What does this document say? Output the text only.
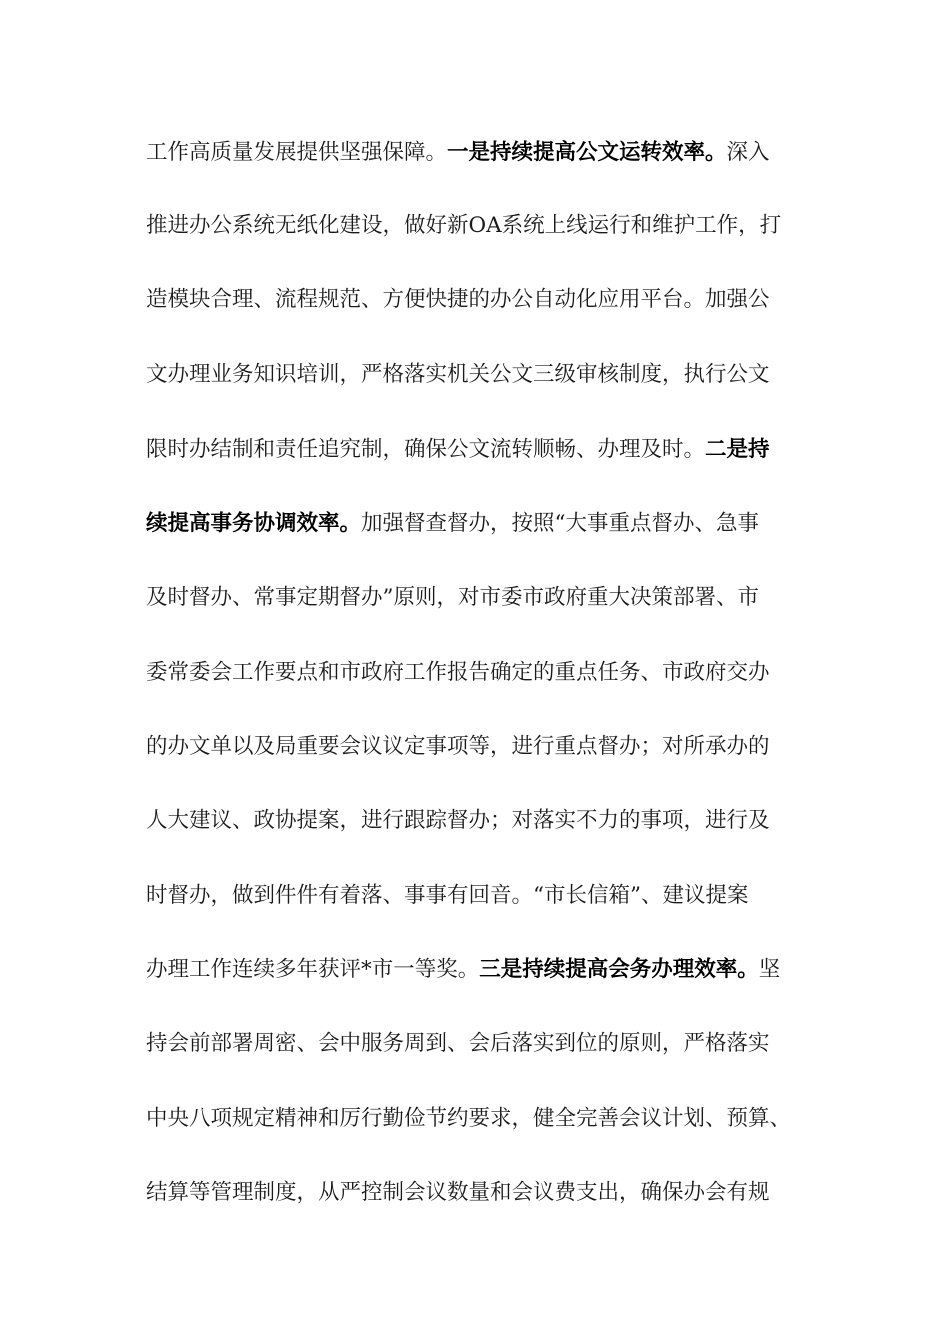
工作高质量发展提供坚强保障。一是持续提高公文运转效率。深入

推进办公系统无纸化建设，做好新OA系统上线运行和维护工作，打

造模块合理、流程规范、方便快捷的办公自动化应用平台。加强公

文办理业务知识培训，严格落实机关公文三级审核制度，执行公文

限时办结制和责任追究制，确保公文流转顺畅、办理及时。二是持

续提高事务协调效率。加强督查督办，按照“大事重点督办、急事

及时督办、常事定期督办”原则，对市委市政府重大决策部署、市

委常委会工作要点和市政府工作报告确定的重点任务、市政府交办

的办文单以及局重要会议议定事项等，进行重点督办；对所承办的

人大建议、政协提案，进行跟踪督办；对落实不力的事项，进行及

时督办，做到件件有着落、事事有回音。“市长信箱”、建议提案

办理工作连续多年获评*市一等奖。三是持续提高会务办理效率。坚

持会前部署周密、会中服务周到、会后落实到位的原则，严格落实

中央八项规定精神和厉行勤俭节约要求，健全完善会议计划、预算、

结算等管理制度，从严控制会议数量和会议费支出，确保办会有规
